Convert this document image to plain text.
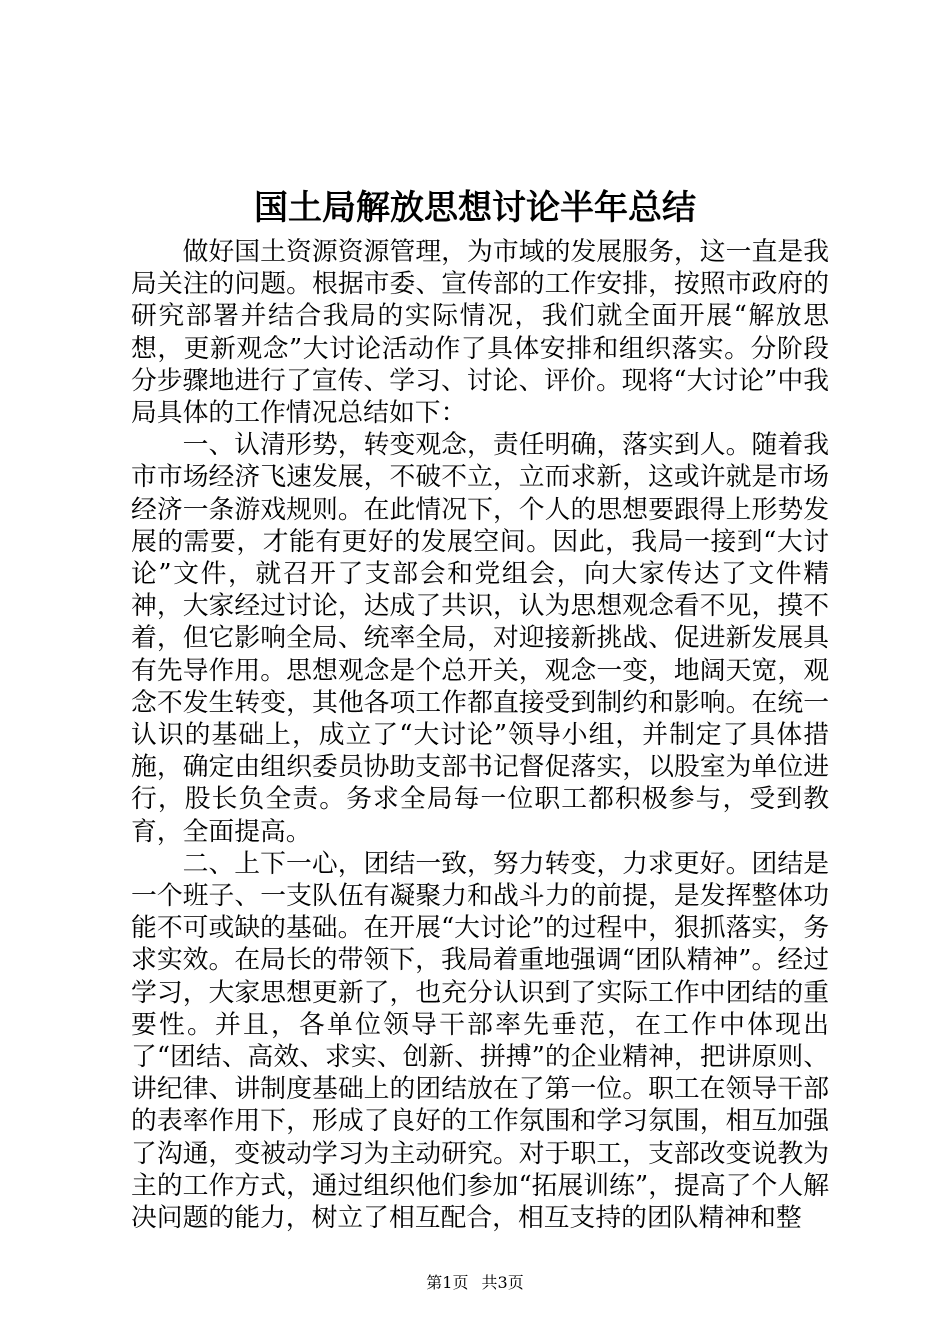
国土局解放思想讨论半年总结

做好国土资源资源管理，为市域的发展服务，这一直是我局关注的问题。根据市委、宣传部的工作安排，按照市政府的研究部署并结合我局的实际情况，我们就全面开展“解放思想，更新观念”大讨论活动作了具体安排和组织落实。分阶段分步骤地进行了宣传、学习、讨论、评价。现将“大讨论”中我局具体的工作情况总结如下：

一、认清形势，转变观念，责任明确，落实到人。随着我市市场经济飞速发展，不破不立，立而求新，这或许就是市场经济一条游戏规则。在此情况下，个人的思想要跟得上形势发展的需要，才能有更好的发展空间。因此，我局一接到“大讨论”文件，就召开了支部会和党组会，向大家传达了文件精神，大家经过讨论，达成了共识，认为思想观念看不见，摸不着，但它影响全局、统率全局，对迎接新挑战、促进新发展具有先导作用。思想观念是个总开关，观念一变，地阔天宽，观念不发生转变，其他各项工作都直接受到制约和影响。在统一认识的基础上，成立了“大讨论”领导小组，并制定了具体措施，确定由组织委员协助支部书记督促落实，以股室为单位进行，股长负全责。务求全局每一位职工都积极参与，受到教育，全面提高。

二、上下一心，团结一致，努力转变，力求更好。团结是一个班子、一支队伍有凝聚力和战斗力的前提，是发挥整体功能不可或缺的基础。在开展“大讨论”的过程中，狠抓落实，务求实效。在局长的带领下，我局着重地强调“团队精神”。经过学习，大家思想更新了，也充分认识到了实际工作中团结的重要性。并且，各单位领导干部率先垂范，在工作中体现出了“团结、高效、求实、创新、拼搏”的企业精神，把讲原则、讲纪律、讲制度基础上的团结放在了第一位。职工在领导干部的表率作用下，形成了良好的工作氛围和学习氛围，相互加强了沟通，变被动学习为主动研究。对于职工，支部改变说教为主的工作方式，通过组织他们参加“拓展训练”，提高了个人解决问题的能力，树立了相互配合，相互支持的团队精神和整

第1页 共3页
